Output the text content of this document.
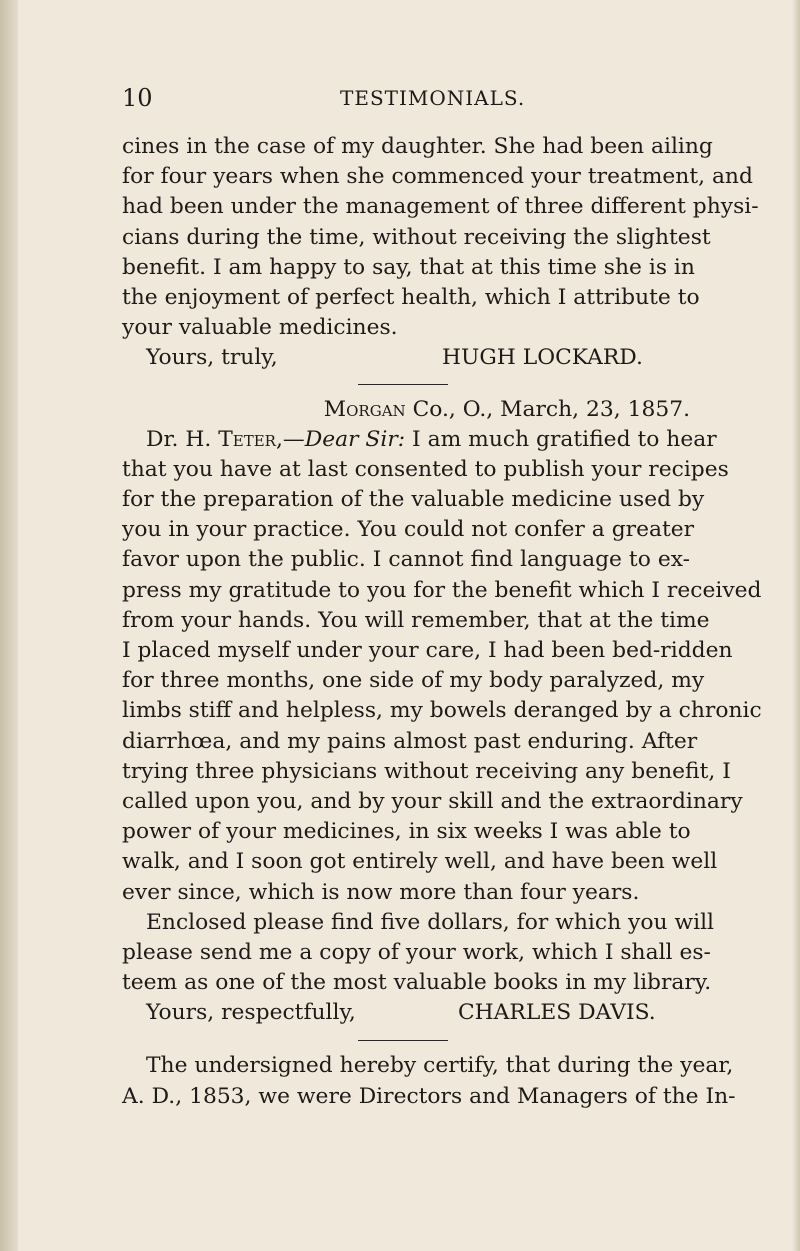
10	TESTIMONIALS.
cines in the case of my daughter. She had been ailing
for four years when she commenced your treatment, and
had been under the management of three different physi-
cians during the time, without receiving the slightest
benefit. I am happy to say, that at this time she is in
the enjoyment of perfect health, which I attribute to
your valuable medicines.
Yours, truly,	HUGH LOCKARD.
Morgan Co., O., March, 23, 1857.
Dr. H. Teter,—Dear Sir: I am much gratified to hear
that you have at last consented to publish your recipes
for the preparation of the valuable medicine used by
you in your practice. You could not confer a greater
favor upon the public. I cannot find language to ex-
press my gratitude to you for the benefit which I received
from your hands. You will remember, that at the time
I placed myself under your care, I had been bed-ridden
for three months, one side of my body paralyzed, my
limbs stiff and helpless, my bowels deranged by a chronic
diarrhœa, and my pains almost past enduring. After
trying three physicians without receiving any benefit, I
called upon you, and by your skill and the extraordinary
power of your medicines, in six weeks I was able to
walk, and I soon got entirely well, and have been well
ever since, which is now more than four years.
Enclosed please find five dollars, for which you will
please send me a copy of your work, which I shall es-
teem as one of the most valuable books in my library.
Yours, respectfully,	CHARLES DAVIS.
The undersigned hereby certify, that during the year,
A. D., 1853, we were Directors and Managers of the In-
